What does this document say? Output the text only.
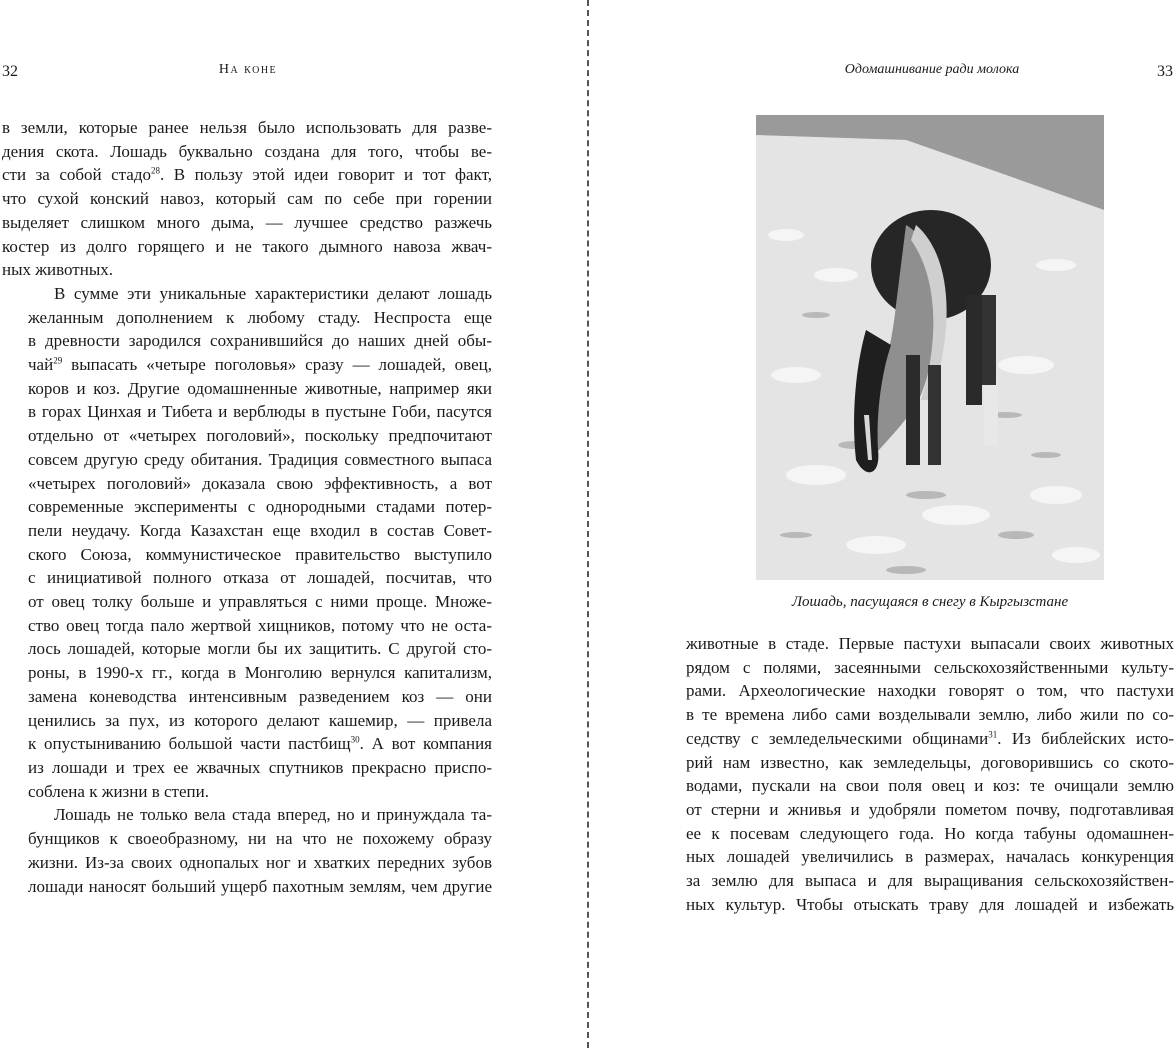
32	На коне

в земли, которые ранее нельзя было использовать для разве-
дения скота. Лошадь буквально создана для того, чтобы ве-
сти за собой стадо$^{28}$. В пользу этой идеи говорит и тот факт,
что сухой конский навоз, который сам по себе при горении
выделяет слишком много дыма, — лучшее средство разжечь
костер из долго горящего и не такого дымного навоза жвач-
ных животных.

В сумме эти уникальные характеристики делают лошадь
желанным дополнением к любому стаду. Неспроста еще
в древности зародился сохранившийся до наших дней обы-
чай$^{29}$ выпасать «четыре поголовья» сразу — лошадей, овец,
коров и коз. Другие одомашненные животные, например яки
в горах Цинхая и Тибета и верблюды в пустыне Гоби, пасутся
отдельно от «четырех поголовий», поскольку предпочитают
совсем другую среду обитания. Традиция совместного выпаса
«четырех поголовий» доказала свою эффективность, а вот
современные эксперименты с однородными стадами потер-
пели неудачу. Когда Казахстан еще входил в состав Совет-
ского Союза, коммунистическое правительство выступило
с инициативой полного отказа от лошадей, посчитав, что
от овец толку больше и управляться с ними проще. Множе-
ство овец тогда пало жертвой хищников, потому что не оста-
лось лошадей, которые могли бы их защитить. С другой сто-
роны, в 1990-х гг., когда в Монголию вернулся капитализм,
замена коневодства интенсивным разведением коз — они
ценились за пух, из которого делают кашемир, — привела
к опустыниванию большой части пастбищ$^{30}$. А вот компания
из лошади и трех ее жвачных спутников прекрасно приспо-
соблена к жизни в степи.

Лошадь не только вела стада вперед, но и принуждала та-
бунщиков к своеобразному, ни на что не похожему образу
жизни. Из-за своих однопалых ног и хватких передних зубов
лошади наносят больший ущерб пахотным землям, чем другие

Одомашнивание ради молока	33
Лошадь, пасущаяся в снегу в Кыргызстане

животные в стаде. Первые пастухи выпасали своих животных
рядом с полями, засеянными сельскохозяйственными культу-
рами. Археологические находки говорят о том, что пастухи
в те времена либо сами возделывали землю, либо жили по со-
седству с земледельческими общинами$^{31}$. Из библейских исто-
рий нам известно, как земледельцы, договорившись со ското-
водами, пускали на свои поля овец и коз: те очищали землю
от стерни и жнивья и удобряли пометом почву, подготавливая
ее к посевам следующего года. Но когда табуны одомашнен-
ных лошадей увеличились в размерах, началась конкуренция
за землю для выпаса и для выращивания сельскохозяйствен-
ных культур. Чтобы отыскать траву для лошадей и избежать
